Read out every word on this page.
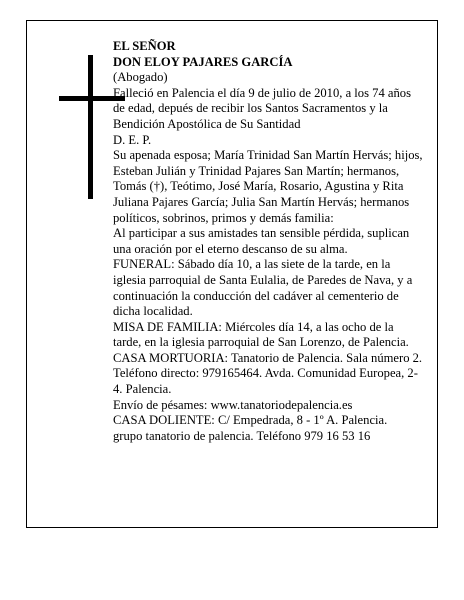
EL SEÑOR

DON ELOY PAJARES GARCÍA

(Abogado)

Falleció en Palencia el día 9 de julio de 2010, a los 74 años de edad, depués de recibir los Santos Sacramentos y la Bendición Apostólica de Su Santidad

D. E. P.

Su apenada esposa; María Trinidad San Martín Hervás; hijos, Esteban Julián y Trinidad Pajares San Martín; hermanos, Tomás (†), Teótimo, José María, Rosario, Agustina y Rita Juliana Pajares García; Julia San Martín Hervás; hermanos políticos, sobrinos, primos y demás familia:

Al participar a sus amistades tan sensible pérdida, suplican una oración por el eterno descanso de su alma.

FUNERAL: Sábado día 10, a las siete de la tarde, en la iglesia parroquial de Santa Eulalia, de Paredes de Nava, y a continuación la conducción del cadáver al cementerio de dicha localidad.

MISA DE FAMILIA: Miércoles día 14, a las ocho de la tarde, en la iglesia parroquial de San Lorenzo, de Palencia.

CASA MORTUORIA: Tanatorio de Palencia. Sala número 2. Teléfono directo: 979165464. Avda. Comunidad Europea, 2-4. Palencia.

Envío de pésames: www.tanatoriodepalencia.es

CASA DOLIENTE: C/ Empedrada, 8 - 1º A. Palencia.

grupo tanatorio de palencia. Teléfono 979 16 53 16
